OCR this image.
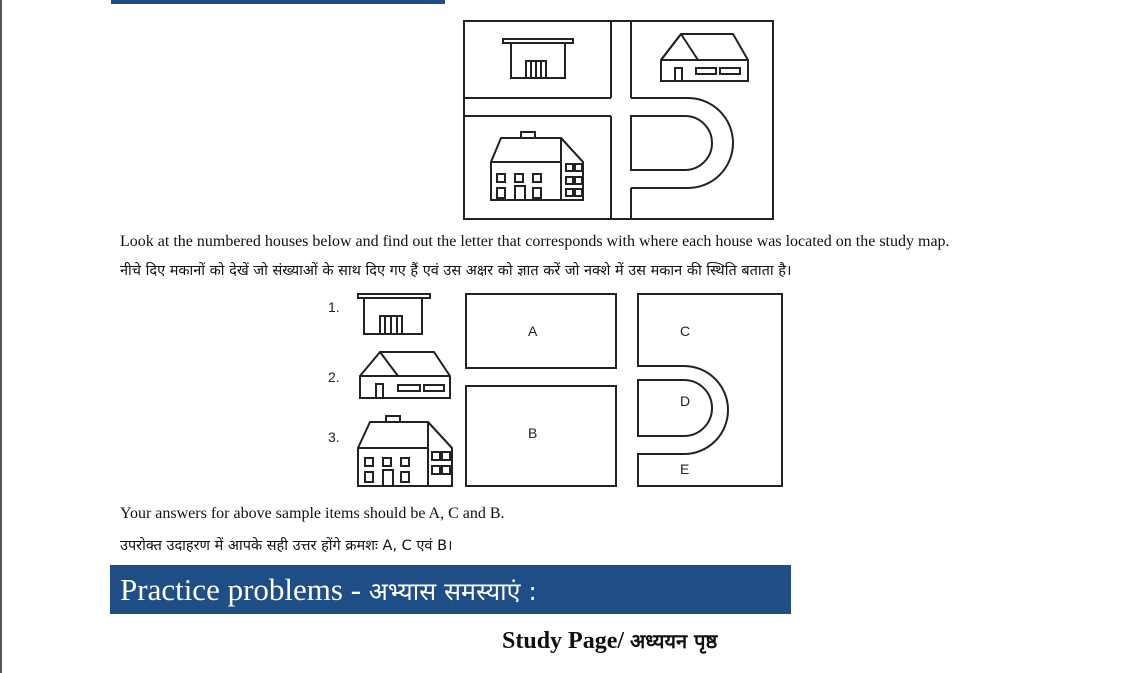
Look at the numbered houses below and find out the letter that corresponds with where each house was located on the study map.
नीचे दिए मकानों को देखें जो संख्याओं के साथ दिए गए हैं एवं उस अक्षर को ज्ञात करें जो नक्शे में उस मकान की स्थिति बताता है।
1.
2.
3.
A
B
C
D
E
Your answers for above sample items should be A, C and B.
उपरोक्त उदाहरण में आपके सही उत्तर होंगे क्रमशः A, C एवं B।
Practice problems - अभ्यास समस्याएं :
Study Page/ अध्ययन पृष्ठ
